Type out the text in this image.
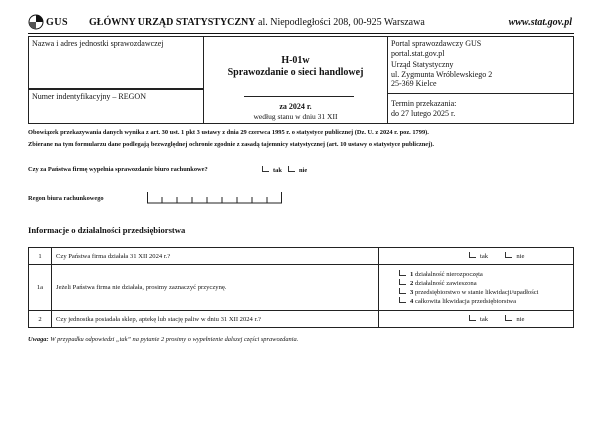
GUS GŁÓWNY URZĄD STATYSTYCZNY al. Niepodległości 208, 00-925 Warszawa	www.stat.gov.pl
Nazwa i adres jednostki sprawozdawczej
Numer indentyfikacyjny – REGON
H-01w
Sprawozdanie o sieci handlowej
za 2024 r.
według stanu w dniu 31 XII
Portal sprawozdawczy GUS
portal.stat.gov.pl
Urząd Statystyczny
ul. Zygmunta Wróblewskiego 2
25-369 Kielce
Termin przekazania:
do 27 lutego 2025 r.
Obowiązek przekazywania danych wynika z art. 30 ust. 1 pkt 3 ustawy z dnia 29 czerwca 1995 r. o statystyce publicznej (Dz. U. z 2024 r. poz. 1799).
Zbierane na tym formularzu dane podlegają bezwzględnej ochronie zgodnie z zasadą tajemnicy statystycznej (art. 10 ustawy o statystyce publicznej).
Czy za Państwa firmę wypełnia sprawozdanie biuro rachunkowe?	tak	nie
Regon biura rachunkowego
Informacje o działalności przedsiębiorstwa
1	Czy Państwa firma działała 31 XII 2024 r.?	tak nie

1a	Jeżeli Państwa firma nie działała, prosimy zaznaczyć przyczynę.	1 działalność nierozpoczęta
2 działalność zawieszona
3 przedsiębiorstwo w stanie likwidacji/upadłości
4 całkowita likwidacja przedsiębiorstwa

2	Czy jednostka posiadała sklep, aptekę lub stację paliw w dniu 31 XII 2024 r.?	tak nie
Uwaga: W przypadku odpowiedzi „tak” na pytanie 2 prosimy o wypełnienie dalszej części sprawozdania.
